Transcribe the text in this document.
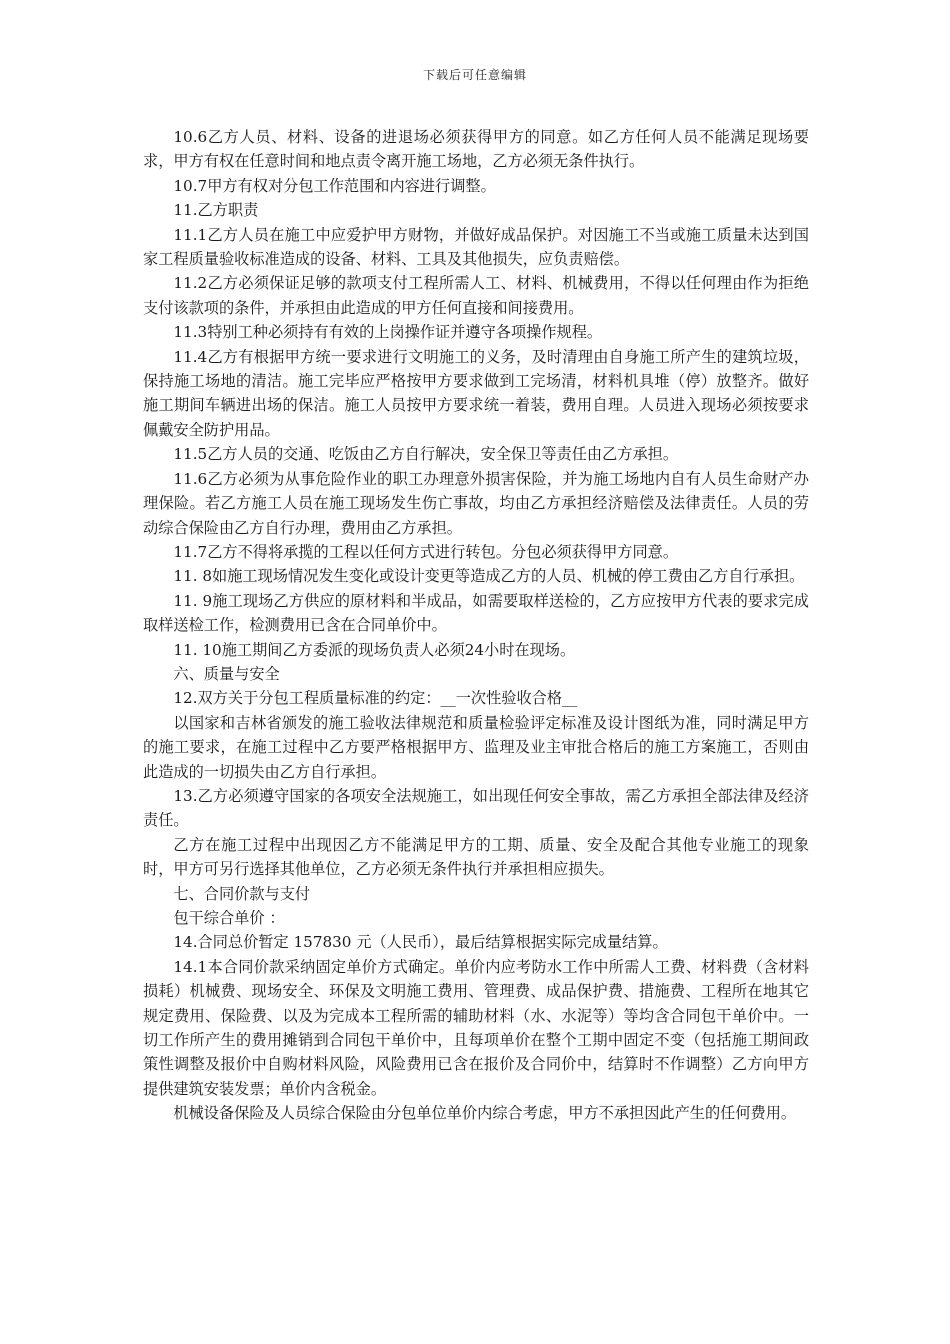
下载后可任意编辑

10.6乙方人员、材料、设备的进退场必须获得甲方的同意。如乙方任何人员不能满足现场要求，甲方有权在任意时间和地点责令离开施工场地，乙方必须无条件执行。

10.7甲方有权对分包工作范围和内容进行调整。

11.乙方职责

11.1乙方人员在施工中应爱护甲方财物，并做好成品保护。对因施工不当或施工质量未达到国家工程质量验收标准造成的设备、材料、工具及其他损失，应负责赔偿。

11.2乙方必须保证足够的款项支付工程所需人工、材料、机械费用，不得以任何理由作为拒绝支付该款项的条件，并承担由此造成的甲方任何直接和间接费用。

11.3特别工种必须持有有效的上岗操作证并遵守各项操作规程。

11.4乙方有根据甲方统一要求进行文明施工的义务，及时清理由自身施工所产生的建筑垃圾，保持施工场地的清洁。施工完毕应严格按甲方要求做到工完场清，材料机具堆（停）放整齐。做好施工期间车辆进出场的保洁。施工人员按甲方要求统一着装，费用自理。人员进入现场必须按要求佩戴安全防护用品。

11.5乙方人员的交通、吃饭由乙方自行解决，安全保卫等责任由乙方承担。

11.6乙方必须为从事危险作业的职工办理意外损害保险，并为施工场地内自有人员生命财产办理保险。若乙方施工人员在施工现场发生伤亡事故，均由乙方承担经济赔偿及法律责任。人员的劳动综合保险由乙方自行办理，费用由乙方承担。

11.7乙方不得将承揽的工程以任何方式进行转包。分包必须获得甲方同意。

11. 8如施工现场情况发生变化或设计变更等造成乙方的人员、机械的停工费由乙方自行承担。

11. 9施工现场乙方供应的原材料和半成品，如需要取样送检的，乙方应按甲方代表的要求完成取样送检工作，检测费用已含在合同单价中。

11. 10施工期间乙方委派的现场负责人必须24小时在现场。

六、质量与安全

12.双方关于分包工程质量标准的约定：__一次性验收合格__

以国家和吉林省颁发的施工验收法律规范和质量检验评定标准及设计图纸为准，同时满足甲方的施工要求，在施工过程中乙方要严格根据甲方、监理及业主审批合格后的施工方案施工，否则由此造成的一切损失由乙方自行承担。

13.乙方必须遵守国家的各项安全法规施工，如出现任何安全事故，需乙方承担全部法律及经济责任。

乙方在施工过程中出现因乙方不能满足甲方的工期、质量、安全及配合其他专业施工的现象时，甲方可另行选择其他单位，乙方必须无条件执行并承担相应损失。

七、合同价款与支付

包干综合单价 ：

14.合同总价暂定 157830 元（人民币），最后结算根据实际完成量结算。

14.1本合同价款采纳固定单价方式确定。单价内应考防水工作中所需人工费、材料费（含材料损耗）机械费、现场安全、环保及文明施工费用、管理费、成品保护费、措施费、工程所在地其它规定费用、保险费、以及为完成本工程所需的辅助材料（水、水泥等）等均含合同包干单价中。一切工作所产生的费用摊销到合同包干单价中，且每项单价在整个工期中固定不变（包括施工期间政策性调整及报价中自购材料风险，风险费用已含在报价及合同价中，结算时不作调整）乙方向甲方提供建筑安装发票；单价内含税金。

机械设备保险及人员综合保险由分包单位单价内综合考虑，甲方不承担因此产生的任何费用。
